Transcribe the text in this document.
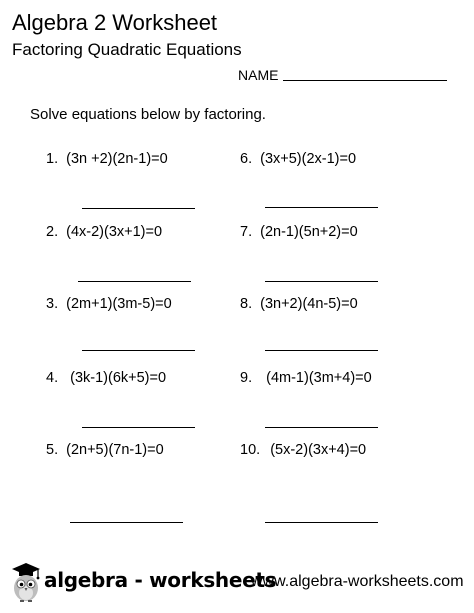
Algebra 2 Worksheet
Factoring Quadratic Equations
NAME
Solve equations below by factoring.
1. (3n +2)(2n-1)=0
2. (4x-2)(3x+1)=0
3. (2m+1)(3m-5)=0
4. (3k-1)(6k+5)=0
5. (2n+5)(7n-1)=0
6. (3x+5)(2x-1)=0
7. (2n-1)(5n+2)=0
8. (3n+2)(4n-5)=0
9. (4m-1)(3m+4)=0
10. (5x-2)(3x+4)=0
algebra - worksheets
www.algebra-worksheets.com
